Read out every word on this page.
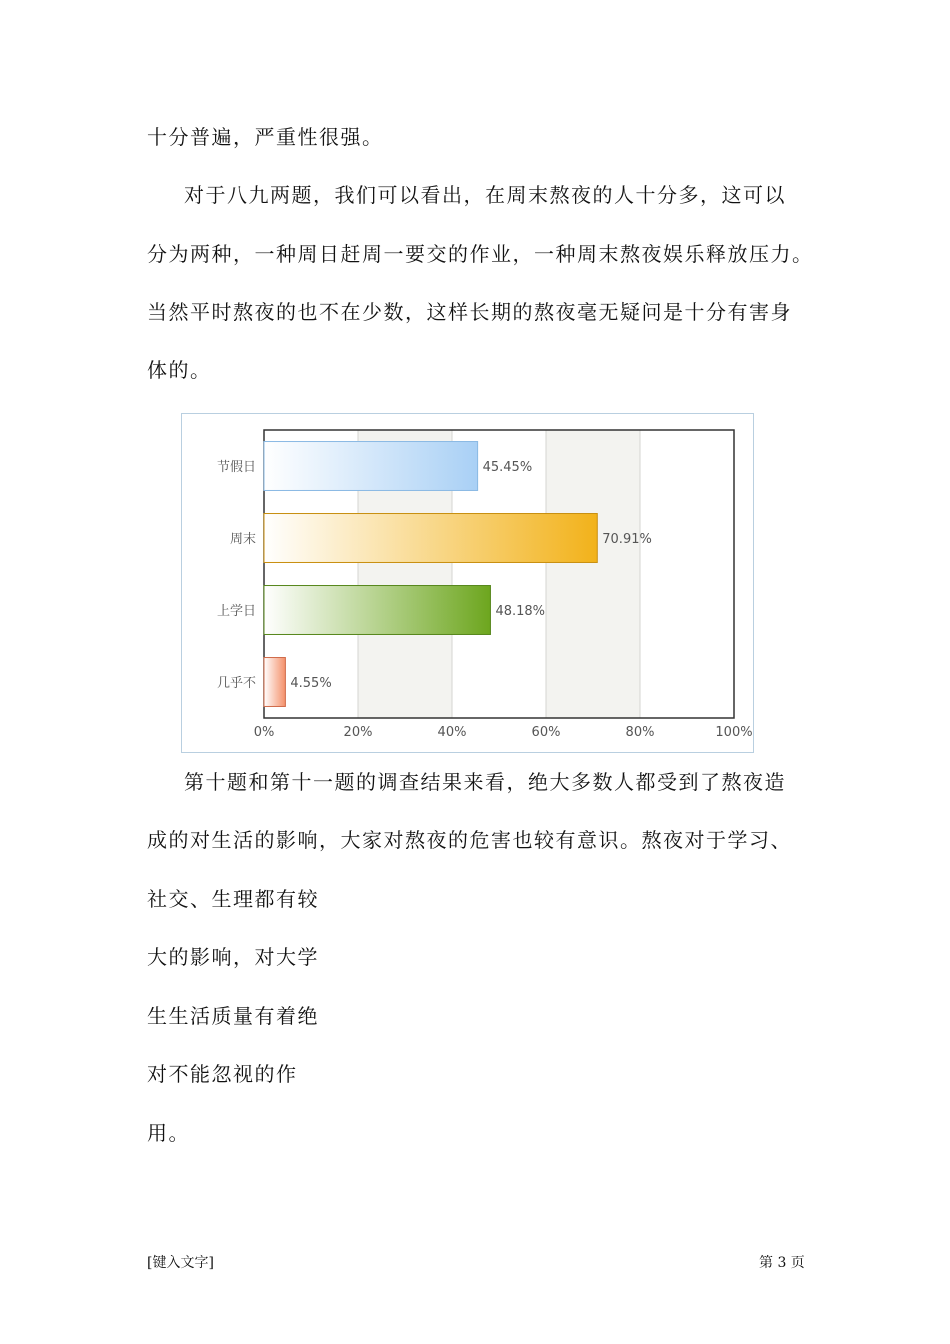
十分普遍，严重性很强。
对于八九两题，我们可以看出，在周末熬夜的人十分多，这可以
分为两种，一种周日赶周一要交的作业，一种周末熬夜娱乐释放压力。
当然平时熬夜的也不在少数，这样长期的熬夜毫无疑问是十分有害身
体的。
节假日	45.45%
周末	70.91%
上学日	48.18%
几乎不	4.55%
0%	20%	40%	60%	80%	100%
第十题和第十一题的调查结果来看，绝大多数人都受到了熬夜造
成的对生活的影响，大家对熬夜的危害也较有意识。熬夜对于学习、
社交、生理都有较
大的影响，对大学
生生活质量有着绝
对不能忽视的作
用。
[键入文字]	第 3 页
